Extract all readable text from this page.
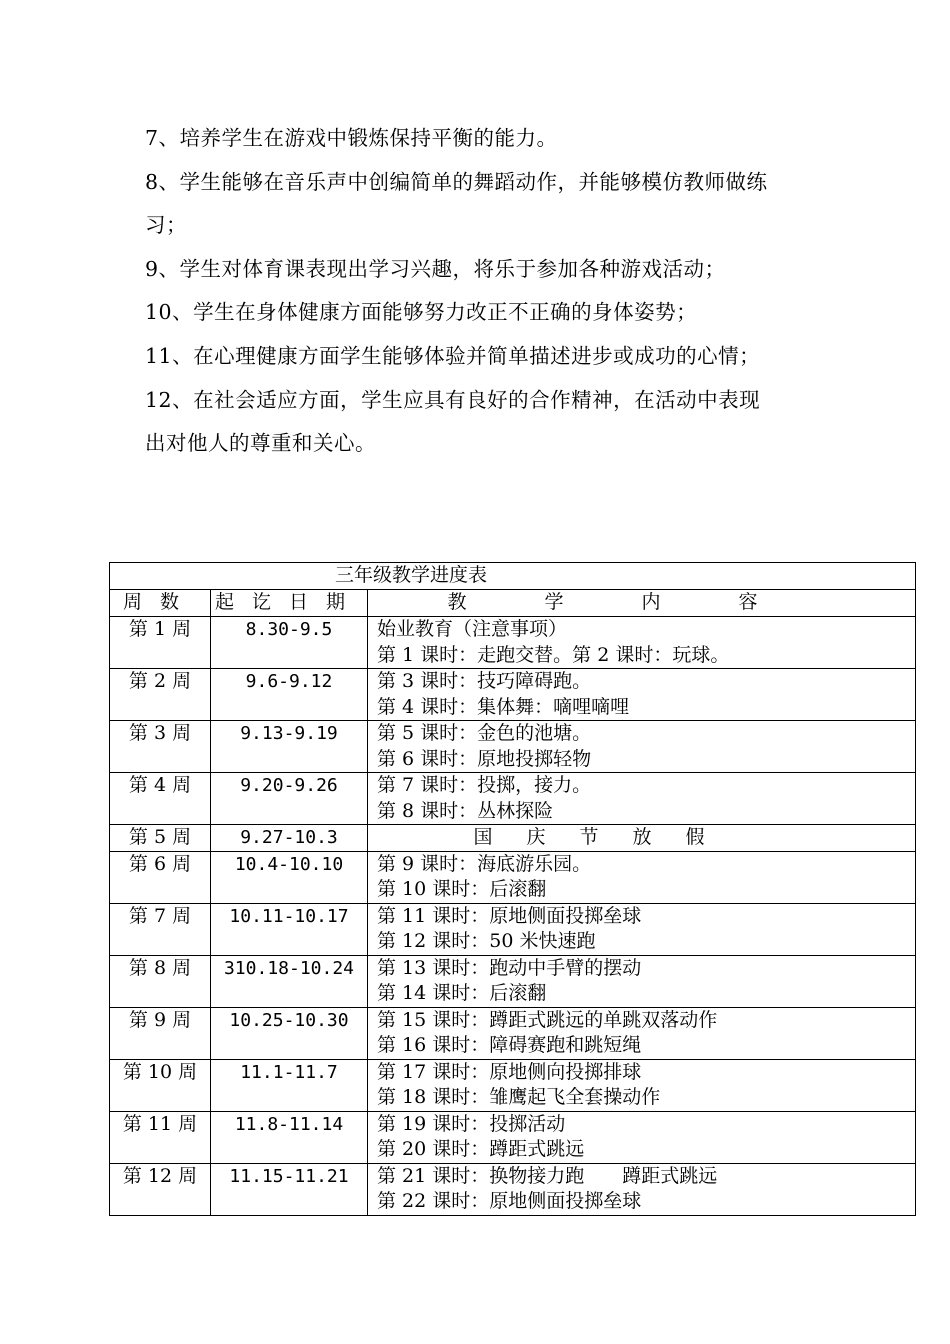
7、培养学生在游戏中锻炼保持平衡的能力。

8、学生能够在音乐声中创编简单的舞蹈动作，并能够模仿教师做练

习；

9、学生对体育课表现出学习兴趣，将乐于参加各种游戏活动；

10、学生在身体健康方面能够努力改正不正确的身体姿势；

11、在心理健康方面学生能够体验并简单描述进步或成功的心情；

12、在社会适应方面，学生应具有良好的合作精神，在活动中表现

出对他人的尊重和关心。

三年级教学进度表		
周数	起讫日期	教学内容
第 1 周	8.30-9.5	始业教育（注意事项）
第 1 课时：走跑交替。第 2 课时：玩球。

第 2 周	9.6-9.12	第 3 课时：技巧障碍跑。
第 4 课时：集体舞：嘀哩嘀哩

第 3 周	9.13-9.19	第 5 课时：金色的池塘。
第 6 课时：原地投掷轻物

第 4 周	9.20-9.26	第 7 课时：投掷，接力。
第 8 课时：丛林探险

第 5 周	9.27-10.3	国庆节放假
第 6 周	10.4-10.10	第 9 课时：海底游乐园。
第 10 课时：后滚翻

第 7 周	10.11-10.17	第 11 课时：原地侧面投掷垒球
第 12 课时：50 米快速跑

第 8 周	310.18-10.24	第 13 课时：跑动中手臂的摆动
第 14 课时：后滚翻

第 9 周	10.25-10.30	第 15 课时：蹲距式跳远的单跳双落动作
第 16 课时：障碍赛跑和跳短绳

第 10 周	11.1-11.7	第 17 课时：原地侧向投掷排球
第 18 课时：雏鹰起飞全套操动作

第 11 周	11.8-11.14	第 19 课时：投掷活动
第 20 课时：蹲距式跳远

第 12 周	11.15-11.21	第 21 课时：换物接力跑　　蹲距式跳远
第 22 课时：原地侧面投掷垒球
